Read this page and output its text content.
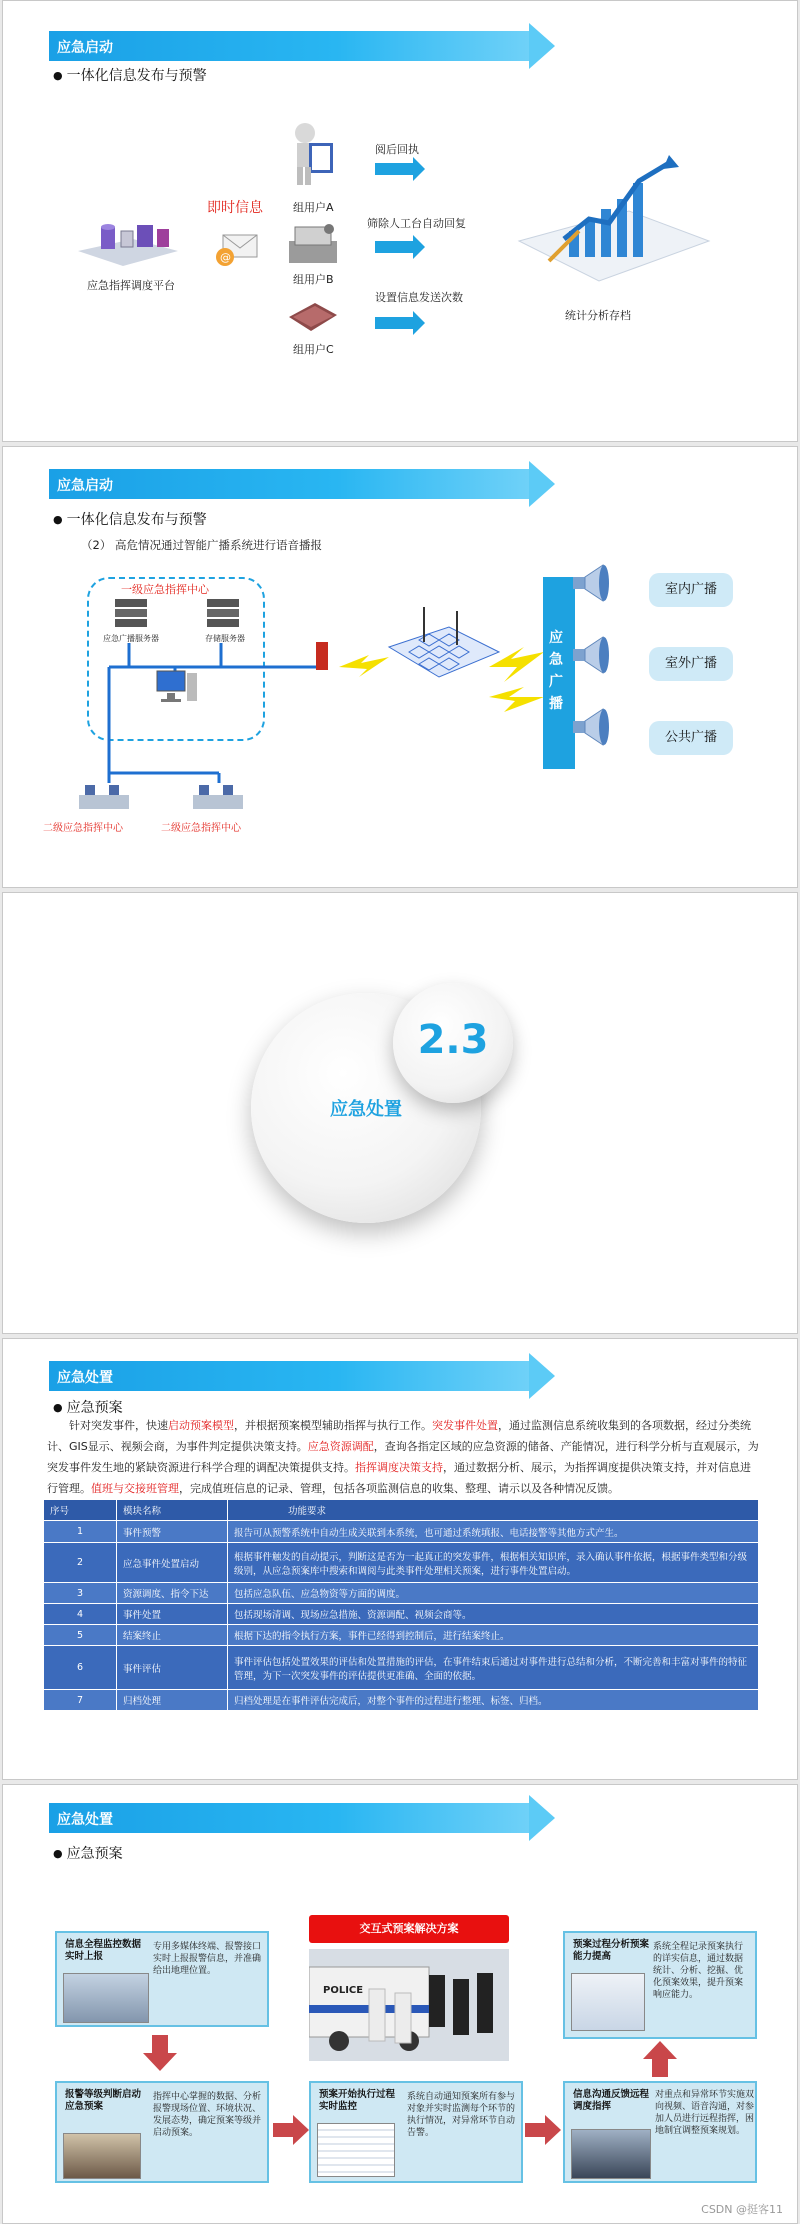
应急启动
● 一体化信息发布与预警
应急指挥调度平台
即时信息
@
组用户A
组用户B
组用户C
阅后回执
筛除人工台自动回复
设置信息发送次数
统计分析存档
应急启动
● 一体化信息发布与预警
（2） 高危情况通过智能广播系统进行语音播报
一级应急指挥中心
应急广播服务器	存储服务器
二级应急指挥中心	二级应急指挥中心
应急广播
室内广播
室外广播
公共广播
2.3
应急处置
应急处置
● 应急预案
针对突发事件，快速启动预案模型，并根据预案模型辅助指挥与执行工作。突发事件处置，通过监测信息系统收集到的各项数据，经过分类统计、GIS显示、视频会商，为事件判定提供决策支持。应急资源调配，查询各指定区域的应急资源的储备、产能情况，进行科学分析与直观展示，为突发事件发生地的紧缺资源进行科学合理的调配决策提供支持。指挥调度决策支持，通过数据分析、展示，为指挥调度提供决策支持，并对信息进行管理。值班与交接班管理，完成值班信息的记录、管理，包括各项监测信息的收集、整理、请示以及各种情况反馈。
序号	模块名称	功能要求
1	事件预警	报告可从预警系统中自动生成关联到本系统，也可通过系统填报、电话接警等其他方式产生。
2	应急事件处置启动	根据事件触发的自动提示，判断这是否为一起真正的突发事件，根据相关知识库，录入确认事件依据，根据事件类型和分级级别，从应急预案库中搜索和调阅与此类事件处理相关预案，进行事件处置启动。
3	资源调度、指令下达	包括应急队伍、应急物资等方面的调度。
4	事件处置	包括现场清调、现场应急措施、资源调配、视频会商等。
5	结案终止	根据下达的指令执行方案，事件已经得到控制后，进行结案终止。
6	事件评估	事件评估包括处置效果的评估和处置措施的评估，在事件结束后通过对事件进行总结和分析，不断完善和丰富对事件的特征管理，为下一次突发事件的评估提供更准确、全面的依据。
7	归档处理	归档处理是在事件评估完成后，对整个事件的过程进行整理、标签、归档。
应急处置
● 应急预案
信息全程监控数据实时上报
专用多媒体终端、报警接口实时上报报警信息，并准确给出地理位置。
报警等级判断启动应急预案
指挥中心掌握的数据、分析报警现场位置、环境状况、发展态势，确定预案等级并启动预案。
交互式预案解决方案
POLICE
预案开始执行过程实时监控
系统自动通知预案所有参与对象并实时监测每个环节的执行情况，对异常环节自动告警。
预案过程分析预案能力提高
系统全程记录预案执行的详实信息，通过数据统计、分析、挖掘、优化预案效果，提升预案响应能力。
信息沟通反馈远程调度指挥
对重点和异常环节实施双向视频、语音沟通，对参加人员进行远程指挥，困地制宜调整预案规划。
CSDN @挺客11
